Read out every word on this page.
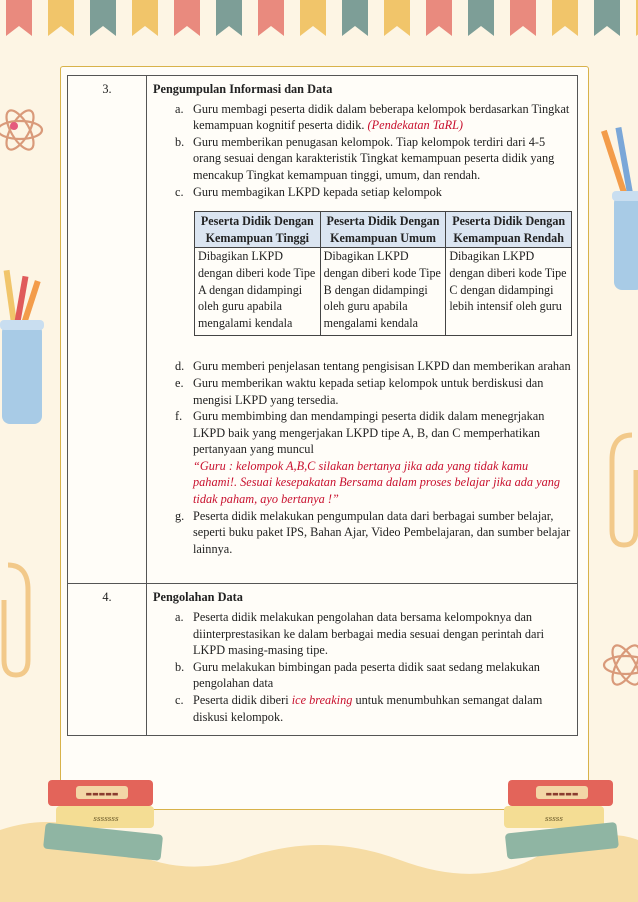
3.	Pengumpulan Informasi dan Data
a. Guru membagi peserta didik dalam beberapa kelompok berdasarkan Tingkat kemampuan kognitif peserta didik. (Pendekatan TaRL)
b. Guru memberikan penugasan kelompok. Tiap kelompok terdiri dari 4-5 orang sesuai dengan karakteristik Tingkat kemampuan peserta didik yang mencakup Tingkat kemampuan tinggi, umum, dan rendah.
c. Guru membagikan LKPD kepada setiap kelompok
Peserta Didik Dengan Kemampuan Tinggi	Peserta Didik Dengan Kemampuan Umum	Peserta Didik Dengan Kemampuan Rendah
Dibagikan LKPD dengan diberi kode Tipe A dengan didampingi oleh guru apabila mengalami kendala	Dibagikan LKPD dengan diberi kode Tipe B dengan didampingi oleh guru apabila mengalami kendala	Dibagikan LKPD dengan diberi kode Tipe C dengan didampingi lebih intensif oleh guru
d. Guru memberi penjelasan tentang pengisisan LKPD dan memberikan arahan
e. Guru memberikan waktu kepada setiap kelompok untuk berdiskusi dan mengisi LKPD yang tersedia.
f. Guru membimbing dan mendampingi peserta didik dalam menegrjakan LKPD baik yang mengerjakan LKPD tipe A, B, dan C memperhatikan pertanyaan yang muncul
“Guru : kelompok A,B,C silakan bertanya jika ada yang tidak kamu pahami!. Sesuai kesepakatan Bersama dalam proses belajar jika ada yang tidak paham, ayo bertanya !”
g. Peserta didik melakukan pengumpulan data dari berbagai sumber belajar, seperti buku paket IPS, Bahan Ajar, Video Pembelajaran, dan sumber belajar lainnya.

4.	Pengolahan Data
a. Peserta didik melakukan pengolahan data bersama kelompoknya dan diinterprestasikan ke dalam berbagai media sesuai dengan perintah dari LKPD masing-masing tipe.
b. Guru melakukan bimbingan pada peserta didik saat sedang melakukan pengolahan data
c. Peserta didik diberi ice breaking untuk menumbuhkan semangat dalam diskusi kelompok.
▬▬▬▬▬
sssssss
▬▬▬▬▬
sssss
